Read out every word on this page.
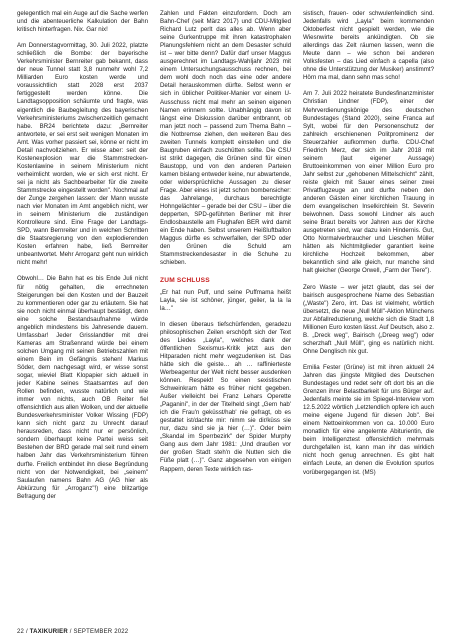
gelegentlich mal ein Auge auf die Sache werfen und die abenteuerliche Kalkulation der Bahn kritisch hinterfragen. Nix. Gar nix!

Am Donnerstagvormittag, 30. Juli 2022, platzte schließlich die Bombe: der bayerische Verkehrsminister Bernreiter gab bekannt, dass der neue Tunnel statt 3,8 nunmehr wohl 7,2 Milliarden Euro kosten werde und voraussichtlich statt 2028 erst 2037 fertiggestellt werden könne. Die Landtagsopposition schäumte und fragte, was eigentlich die Baubegleitung des bayerischen Verkehrsministeriums zwischenzeitlich gemacht habe. BR24 berichtete dazu: „Bernreiter antwortete, er sei erst seit wenigen Monaten im Amt. Was vorher passiert sei, könne er nicht im Detail nachvollziehen. Er wisse aber: seit der Kostenexplosion war die Stammstrecken-Kostenlawine in seinem Ministerium nicht verheimlicht worden, wie er sich erst nicht. Er sei ja nicht als Sachbearbeiter für die zweite Stammstrecke eingestellt worden". Nochmal auf der Zunge zergehen lassen: der Mann wusste nach vier Monaten im Amt angeblich nicht, wer in seinem Ministerium die zuständigen Kontrolleure sind. Eine Frage der Landtags-SPD, wann Bernreiter und in welchen Schritten die Staatsregierung von den explodierenden Kosten erfahren habe, ließ Bernreiter unbeantwortet. Mehr Arroganz geht nun wirklich nicht mehr!

Obwohl… Die Bahn hat es bis Ende Juli nicht für nötig gehalten, die errechneten Steigerungen bei den Kosten und der Bauzeit zu kommentieren oder gar zu erläutern. Sie hat sie noch nicht einmal überhaupt bestätigt, denn eine solche Bestandsaufnahme würde angeblich mindestens bis Jahresende dauern. Umfassbar! Jeder Grisslandtler mit drei Kameras am Straßenrand würde bei einem solchen Umgang mit seinen Betriebszahlen mit einem Bein im Gefängnis stehen! Markus Söder, dem nachgesagt wird, er wisse sonst sogar, wieviel Blatt Klopapier sich aktuell in jeder Kabine seines Staatsamtes auf den Rollen befinden, wusste natürlich und wie immer von nichts, auch OB Reiter fiel offensichtlich aus allen Wolken, und der aktuelle Bundesverkehrsminister Volker Wissing (FDP) kann sich nicht ganz zu Unrecht darauf herausreden, dass nicht nur er persönlich, sondern überhaupt keine Partei weiss seit Bestehen der BRD gerade mal seit rund einem halben Jahr das Verkehrsministerium führen durfte. Freilich entbindet ihn diese Begründung nicht von der Notwendigkeit, bei „seinem" Saulaufen namens Bahn AG (AG hier als Abkürzung für „Arroganz"!) eine blitzartige Befragung der

Zahlen und Fakten einzufordern. Doch am Bahn-Chef (seit März 2017) und CDU-Mitglied Richard Lutz perlt das alles ab. Wenn aber seine Gurkentruppe mit ihren katastrophalen Planungsfehlern nicht an dem Desaster schuld ist – wer bitte denn? Dafür darf unser Maggus ausgerechnet im Landtags-Wahljahr 2023 mit einem Untersuchungsausschuss rechnen, bei dem wohl doch noch das eine oder andere Detail herauskommen dürfte. Selbst wenn er sich in üblicher Politiker-Manier vor einem U-Ausschuss nicht mal mehr an seinen eigenen Namen erinnern sollte. Unabhängig davon ist längst eine Diskussion darüber entbrannt, ob man jetzt noch – passend zum Thema Bahn – die Notbremse ziehen, den weiteren Bau des zweiten Tunnels komplett einstellen und die Baugruben einfach zuschütten sollte. Die CSU ist strikt dagegen, die Grünen sind für einen Baustopp, und von den anderen Parteien kamen bislang entweder keine, nur abwartende, oder widersprüchliche Aussagen zu dieser Frage. Aber eines ist jetzt schon bombensicher: das Jahrelange, durchaus berechtigte Hohngelächter – gerade bei der CSU – über die depperten, SPD-geführten Berliner mit ihrer Endlosbaustelle am Flughafen BER wird damit ein Ende haben. Selbst unserem Heißluftballon Maggus dürfte es schwerfallen, der SPD oder den Grünen die Schuld am Stammstreckendesaster in die Schuhe zu schieben.

ZUM SCHLUSS

„Er hat nun Puff, und seine Puffmama heißt Layla, sie ist schöner, jünger, geiler, la la la la…"

In diesen überaus tiefschürfenden, geradezu philosophischen Zeilen erschöpft sich der Text des Liedes „Layla", welches dank der öffentlichen Sexismus-Kritik jetzt aus den Hitparaden nicht mehr wegzudenken ist. Das hätte sich die geiste… ah … raffinierteste Werbeagentur der Welt nicht besser ausdenken können. Respekt! So einen sexistischen Schweinkram hätte es früher nicht gegeben. Außer vielleicht bei Franz Lehars Operette „Paganini", in der der Titelheld singt „Gern hab' ich die Frau'n geküsst/hab' nie gefragt, ob es gestattet ist/dachte mir: nimm sie dir/küss sie nur, dazu sind sie ja hier (…)". Oder beim „Skandal im Sperrbezirk" der Spider Murphy Gang aus dem Jahr 1981: „Und draußen vor der großen Stadt steh'n die Nutten sich die Füße platt (…)". Ganz abgesehen von einigen Rappern, deren Texte wirklich ras-

sistisch, frauen- oder schwulenfeindlich sind. Jedenfalls wird „Layla" beim kommenden Oktoberfest nicht gespielt werden, wie die Wiesnwirte bereits ankündigten. Ob sie allerdings das Zelt räumen lassen, wenn die Meute dann – wie schon bei anderen Volksfesten – das Lied einfach a capella (also ohne die Unterstützung der Musiker) anstimmt? Hörn ma mal, dann sehn mas scho!

Am 7. Juli 2022 heiratete Bundesfinanzminister Christian Lindner (FDP), einer der Mehrverdienungskönige des deutschen Bundestages (Stand 2020), seine Franca auf Sylt, wobei für den Personenschutz der zahlreich erschienenen Politprominenz der Steuerzahler aufkommen durfte. CDU-Chef Friedrich Merz, der sich im Jahr 2018 mit seinem (laut eigener Aussage) Bruttoeinkommen von einer Million Euro pro Jahr selbst zur „gehobenen Mittelschicht" zählt, reiste gleich mit Sauer eines seiner zwei Privatflugzeuge an und durfte neben den anderen Gästen einer kirchlichen Trauung in dem evangelischen Inselkirchlein St. Severin beiwohnen. Dass sowohl Lindner als auch seine Braut bereits vor Jahren aus der Kirche ausgetreten sind, war dazu kein Hindernis. Gut, Otto Normalverbraucher und Lieschen Müller hätten als Nichtmitglieder garantiert keine kirchliche Hochzeit bekommen, aber bekanntlich sind alle gleich, nur manche sind halt gleicher (George Orwell, „Farm der Tiere").

Zero Waste – wer jetzt glaubt, das sei der bairisch ausgesprochene Name des Sebastian („Waste") Zero, irrt. Das ist vielmehr, wörtlich übersetzt, die neue „Null Müll"-Aktion Münchens zur Abfallreduzierung, welche sich die Stadt 1,8 Millionen Euro kosten lässt. Auf Deutsch, also z. B. „Dreck weg", Bairisch („Dreeg weg") oder scherzhaft „Null Müll", ging es natürlich nicht. Ohne Denglisch nix gut.

Emilia Fester (Grüne) ist mit ihren aktuell 24 Jahren das jüngste Mitglied des Deutschen Bundestages und redet sehr oft dort bis an die Grenzen ihrer Belastbarkeit für uns Bürger auf. Jedenfalls meinte sie im Spiegel-Interview vom 12.5.2022 wörtlich „Letztendlich opfere ich auch meine eigene Jugend für diesen Job". Bei einem Nettoeinkommen von ca. 10.000 Euro monatlich für eine angelernte Abiturientin, die beim Intelligenztest offensichtlich mehrmals durchgefallen ist, kann man ihr das wirklich nicht hoch genug anrechnen. Es gibt halt einfach Leute, an denen die Evolution spurlos vorübergegangen ist. (MS)

22 / TAXIKURIER / SEPTEMBER 2022
